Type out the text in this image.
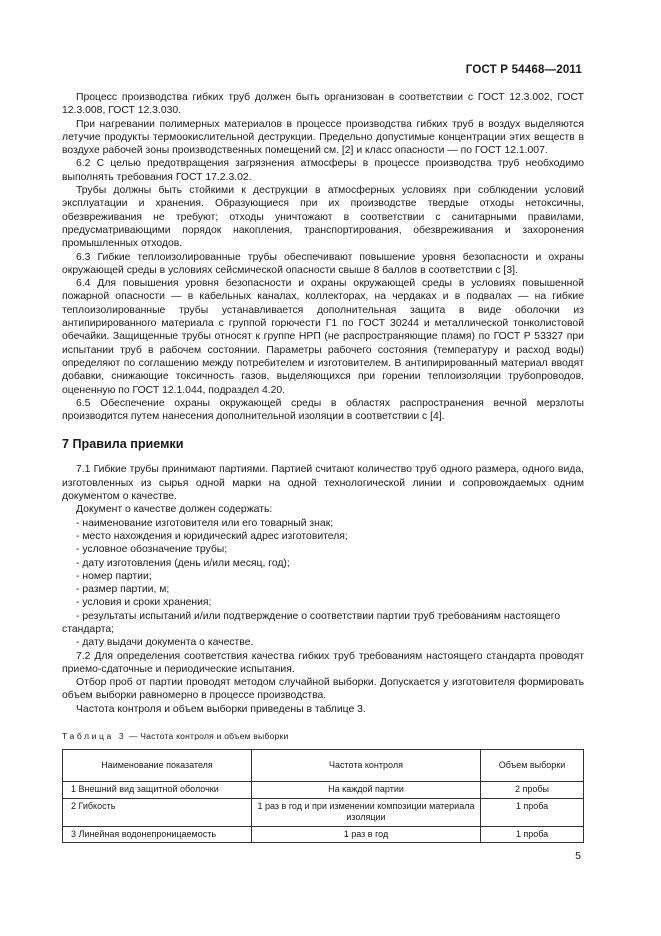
ГОСТ Р 54468—2011

Процесс производства гибких труб должен быть организован в соответствии с ГОСТ 12.3.002, ГОСТ 12.3.008, ГОСТ 12.3.030.

При нагревании полимерных материалов в процессе производства гибких труб в воздух выделяются летучие продукты термоокислительной деструкции. Предельно допустимые концентрации этих веществ в воздухе рабочей зоны производственных помещений см. [2] и класс опасности — по ГОСТ 12.1.007.

6.2 С целью предотвращения загрязнения атмосферы в процессе производства труб необходимо выполнять требования ГОСТ 17.2.3.02.

Трубы должны быть стойкими к деструкции в атмосферных условиях при соблюдении условий эксплуатации и хранения. Образующиеся при их производстве твердые отходы нетоксичны, обезвреживания не требуют; отходы уничтожают в соответствии с санитарными правилами, предусматривающими порядок накопления, транспортирования, обезвреживания и захоронения промышленных отходов.

6.3 Гибкие теплоизолированные трубы обеспечивают повышение уровня безопасности и охраны окружающей среды в условиях сейсмической опасности свыше 8 баллов в соответствии с [3].

6.4 Для повышения уровня безопасности и охраны окружающей среды в условиях повышенной пожарной опасности — в кабельных каналах, коллекторах, на чердаках и в подвалах — на гибкие теплоизолированные трубы устанавливается дополнительная защита в виде оболочки из антипирированного материала с группой горючести Г1 по ГОСТ 30244 и металлической тонколистовой обечайки. Защищенные трубы относят к группе НРП (не распространяющие пламя) по ГОСТ Р 53327 при испытании труб в рабочем состоянии. Параметры рабочего состояния (температуру и расход воды) определяют по соглашению между потребителем и изготовителем. В антипирированный материал вводят добавки, снижающие токсичность газов, выделяющихся при горении теплоизоляции трубопроводов, оцененную по ГОСТ 12.1.044, подраздел 4.20.

6.5 Обеспечение охраны окружающей среды в областях распространения вечной мерзлоты производится путем нанесения дополнительной изоляции в соответствии с [4].

7 Правила приемки

7.1 Гибкие трубы принимают партиями. Партией считают количество труб одного размера, одного вида, изготовленных из сырья одной марки на одной технологической линии и сопровождаемых одним документом о качестве.

Документ о качестве должен содержать:

- наименование изготовителя или его товарный знак;

- место нахождения и юридический адрес изготовителя;

- условное обозначение трубы;

- дату изготовления (день и/или месяц, год);

- номер партии;

- размер партии, м;

- условия и сроки хранения;

- результаты испытаний и/или подтверждение о соответствии партии труб требованиям настоящего стандарта;

- дату выдачи документа о качестве.

7.2 Для определения соответствия качества гибких труб требованиям настоящего стандарта проводят приемо-сдаточные и периодические испытания.

Отбор проб от партии проводят методом случайной выборки. Допускается у изготовителя формировать объем выборки равномерно в процессе производства.

Частота контроля и объем выборки приведены в таблице 3.

Таблица 3 — Частота контроля и объем выборки
Наименование показателя	Частота контроля	Объем выборки
1 Внешний вид защитной оболочки	На каждой партии	2 пробы
2 Гибкость	1 раз в год и при изменении композиции материала изоляции	1 проба
3 Линейная водонепроницаемость	1 раз в год	1 проба
5
